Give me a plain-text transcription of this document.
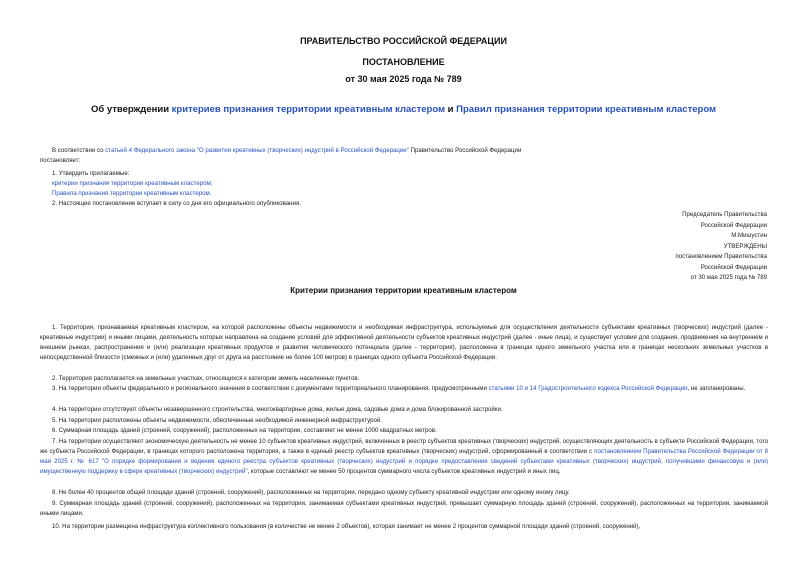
ПРАВИТЕЛЬСТВО РОССИЙСКОЙ ФЕДЕРАЦИИ
ПОСТАНОВЛЕНИЕ
от 30 мая 2025 года № 789
Об утверждении критериев признания территории креативным кластером и Правил признания территории креативным кластером
В соответствии со статьей 4 Федерального закона "О развитии креативных (творческих) индустрий в Российской Федерации" Правительство Российской Федерации
постановляет:
1. Утвердить прилагаемые:
критерии признания территории креативным кластером;
Правила признания территории креативным кластером.
2. Настоящее постановление вступает в силу со дня его официального опубликования.
Председатель Правительства
Российской Федерации
М.Мишустин
УТВЕРЖДЕНЫ
постановлением Правительства
Российской Федерации
от 30 мая 2025 года № 789
Критерии признания территории креативным кластером
1. Территория, признаваемая креативным кластером, на которой расположены объекты недвижимости и необходимая инфраструктура, используемые для осуществления деятельности субъектами креативных (творческих) индустрий (далее - креативные индустрии) и иными лицами, деятельность которых направлена на создание условий для эффективной деятельности субъектов креативных индустрий (далее - иные лица), и существует условия для создания, продвижения на внутреннем и внешнем рынках, распространения и (или) реализации креативных продуктов и развития человеческого потенциала (далее - территория), расположена в границах одного земельного участка или в границах нескольких земельных участков в непосредственной близости (смежных и (или) удаленных друг от друга на расстояние не более 100 метров) в границах одного субъекта Российской Федерации.
2. Территория располагается на земельных участках, относящихся к категории земель населенных пунктов.
3. На территории объекты федерального и регионального значения в соответствии с документами территориального планирования, предусмотренными статьями 10 и 14 Градостроительного кодекса Российской Федерации, не запланированы.
4. На территории отсутствуют объекты незавершенного строительства, многоквартирные дома, жилые дома, садовые дома и дома блокированной застройки.
5. На территории расположены объекты недвижимости, обеспеченные необходимой инженерной инфраструктурой.
6. Суммарная площадь зданий (строений, сооружений), расположенных на территории, составляет не менее 1000 квадратных метров.
7. На территории осуществляют экономическую деятельность не менее 10 субъектов креативных индустрий, включенных в реестр субъектов креативных (творческих) индустрий, осуществляющих деятельность в субъекте Российской Федерации, того же субъекта Российской Федерации, в границах которого расположена территория, а также в единый реестр субъектов креативных (творческих) индустрий, сформированный в соответствии с постановлением Правительства Российской Федерации от 8 мая 2025 г. № 617 "О порядке формирования и ведения единого реестра субъектов креативных (творческих) индустрий и порядке предоставления сведений субъектами креативных (творческих) индустрий, получившими финансовую и (или) имущественную поддержку в сфере креативных (творческих) индустрий", которые составляют не менее 50 процентов суммарного числа субъектов креативных индустрий и иных лиц.
8. Не более 40 процентов общей площади зданий (строений, сооружений), расположенных на территории, передано одному субъекту креативной индустрии или одному иному лицу.
9. Суммарная площадь зданий (строений, сооружений), расположенных на территории, занимаемая субъектами креативных индустрий, превышает суммарную площадь зданий (строений, сооружений), расположенных на территории, занимаемой иными лицами.
10. На территории размещена инфраструктура коллективного пользования (в количестве не менее 2 объектов), которая занимает не менее 2 процентов суммарной площади зданий (строений, сооружений),
